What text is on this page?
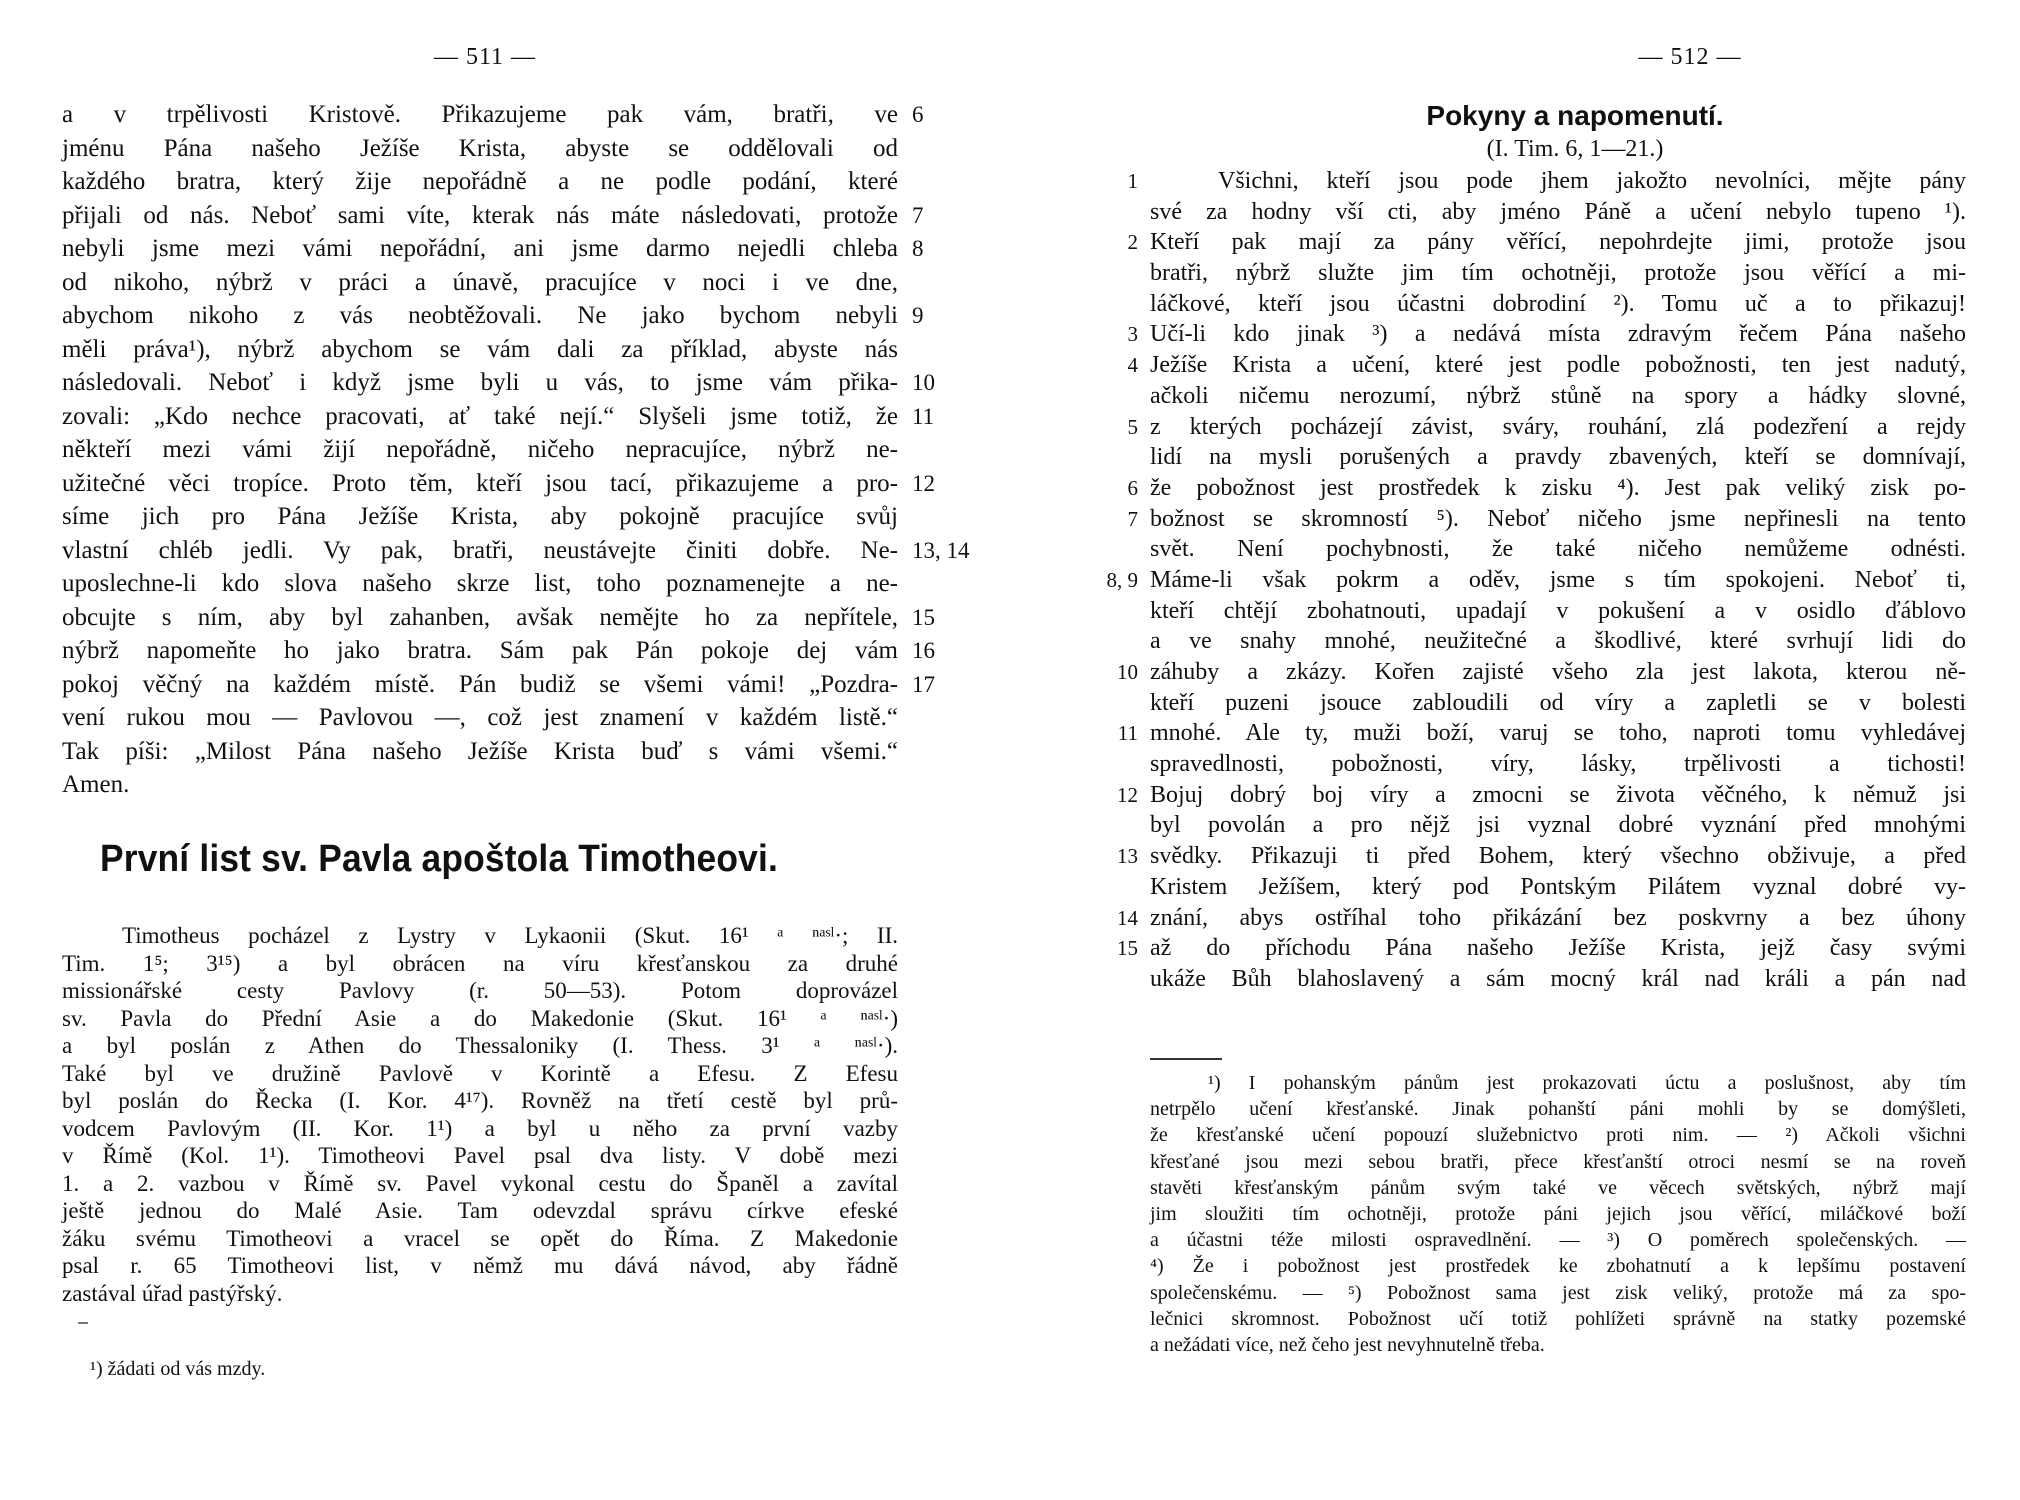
— 511 —
a v trpělivosti Kristově. Přikazujeme pak vám, bratři, ve 6
jménu Pána našeho Ježíše Krista, abyste se oddělovali od
každého bratra, který žije nepořádně a ne podle podání, které
přijali od nás. Neboť sami víte, kterak nás máte následovati, protože 7
nebyli jsme mezi vámi nepořádní, ani jsme darmo nejedli chleba 8
od nikoho, nýbrž v práci a únavě, pracujíce v noci i ve dne,
abychom nikoho z vás neobtěžovali. Ne jako bychom nebyli 9
měli práva¹), nýbrž abychom se vám dali za příklad, abyste nás
následovali. Neboť i když jsme byli u vás, to jsme vám přika- 10
zovali: „Kdo nechce pracovati, ať také nejí.“ Slyšeli jsme totiž, že 11
někteří mezi vámi žijí nepořádně, ničeho nepracujíce, nýbrž ne-
užitečné věci tropíce. Proto těm, kteří jsou tací, přikazujeme a pro- 12
síme jich pro Pána Ježíše Krista, aby pokojně pracujíce svůj
vlastní chléb jedli. Vy pak, bratři, neustávejte činiti dobře. Ne- 13, 14
uposlechne-li kdo slova našeho skrze list, toho poznamenejte a ne-
obcujte s ním, aby byl zahanben, avšak nemějte ho za nepřítele, 15
nýbrž napomeňte ho jako bratra. Sám pak Pán pokoje dej vám 16
pokoj věčný na každém místě. Pán budiž se všemi vámi! „Pozdra- 17
vení rukou mou — Pavlovou —, což jest znamení v každém listě.“
Tak píši: „Milost Pána našeho Ježíše Krista buď s vámi všemi.“
Amen.
První list sv. Pavla apoštola Timotheovi.
Timotheus pocházel z Lystry v Lykaonii (Skut. 16¹ ᵃ ⁿᵃˢˡ·; II.
Tim. 1⁵; 3¹⁵) a byl obrácen na víru křesťanskou za druhé
missionářské cesty Pavlovy (r. 50—53). Potom doprovázel
sv. Pavla do Přední Asie a do Makedonie (Skut. 16¹ ᵃ ⁿᵃˢˡ·)
a byl poslán z Athen do Thessaloniky (I. Thess. 3¹ ᵃ ⁿᵃˢˡ·).
Také byl ve družině Pavlově v Korintě a Efesu. Z Efesu
byl poslán do Řecka (I. Kor. 4¹⁷). Rovněž na třetí cestě byl prů-
vodcem Pavlovým (II. Kor. 1¹) a byl u něho za první vazby
v Římě (Kol. 1¹). Timotheovi Pavel psal dva listy. V době mezi
1. a 2. vazbou v Římě sv. Pavel vykonal cestu do Španěl a zavítal
ještě jednou do Malé Asie. Tam odevzdal správu církve efeské
žáku svému Timotheovi a vracel se opět do Říma. Z Makedonie
psal r. 65 Timotheovi list, v němž mu dává návod, aby řádně
zastával úřad pastýřský.
¹) žádati od vás mzdy.
— 512 —
Pokyny a napomenutí.
(I. Tim. 6, 1—21.)
1	Všichni, kteří jsou pode jhem jakožto nevolníci, mějte pány
své za hodny vší cti, aby jméno Páně a učení nebylo tupeno ¹).
2 Kteří pak mají za pány věřící, nepohrdejte jimi, protože jsou
bratři, nýbrž služte jim tím ochotněji, protože jsou věřící a mi-
láčkové, kteří jsou účastni dobrodiní ²). Tomu uč a to přikazuj!
3 Učí-li kdo jinak ³) a nedává místa zdravým řečem Pána našeho
4 Ježíše Krista a učení, které jest podle pobožnosti, ten jest nadutý,
ačkoli ničemu nerozumí, nýbrž stůně na spory a hádky slovné,
5 z kterých pocházejí závist, sváry, rouhání, zlá podezření a rejdy
lidí na mysli porušených a pravdy zbavených, kteří se domnívají,
6 že pobožnost jest prostředek k zisku ⁴). Jest pak veliký zisk po-
7 božnost se skromností ⁵). Neboť ničeho jsme nepřinesli na tento
svět. Není pochybnosti, že také ničeho nemůžeme odnésti.
8, 9 Máme-li však pokrm a oděv, jsme s tím spokojeni. Neboť ti,
kteří chtějí zbohatnouti, upadají v pokušení a v osidlo ďáblovo
a ve snahy mnohé, neužitečné a škodlivé, které svrhují lidi do
10 záhuby a zkázy. Kořen zajisté všeho zla jest lakota, kterou ně-
kteří puzeni jsouce zabloudili od víry a zapletli se v bolesti
11 mnohé. Ale ty, muži boží, varuj se toho, naproti tomu vyhledávej
spravedlnosti, pobožnosti, víry, lásky, trpělivosti a tichosti!
12 Bojuj dobrý boj víry a zmocni se života věčného, k němuž jsi
byl povolán a pro nějž jsi vyznal dobré vyznání před mnohými
13 svědky. Přikazuji ti před Bohem, který všechno obživuje, a před
Kristem Ježíšem, který pod Pontským Pilátem vyznal dobré vy-
14 znání, abys ostříhal toho přikázání bez poskvrny a bez úhony
15 až do příchodu Pána našeho Ježíše Krista, jejž časy svými
ukáže Bůh blahoslavený a sám mocný král nad králi a pán nad
¹) I pohanským pánům jest prokazovati úctu a poslušnost, aby tím
netrpělo učení křesťanské. Jinak pohanští páni mohli by se domýšleti,
že křesťanské učení popouzí služebnictvo proti nim. — ²) Ačkoli všichni
křesťané jsou mezi sebou bratři, přece křesťanští otroci nesmí se na roveň
stavěti křesťanským pánům svým také ve věcech světských, nýbrž mají
jim sloužiti tím ochotněji, protože páni jejich jsou věřící, miláčkové boží
a účastni téže milosti ospravedlnění. — ³) O poměrech společenských. —
⁴) Že i pobožnost jest prostředek ke zbohatnutí a k lepšímu postavení
společenskému. — ⁵) Pobožnost sama jest zisk veliký, protože má za spo-
lečnici skromnost. Pobožnost učí totiž pohlížeti správně na statky pozemské
a nežádati více, než čeho jest nevyhnutelně třeba.
